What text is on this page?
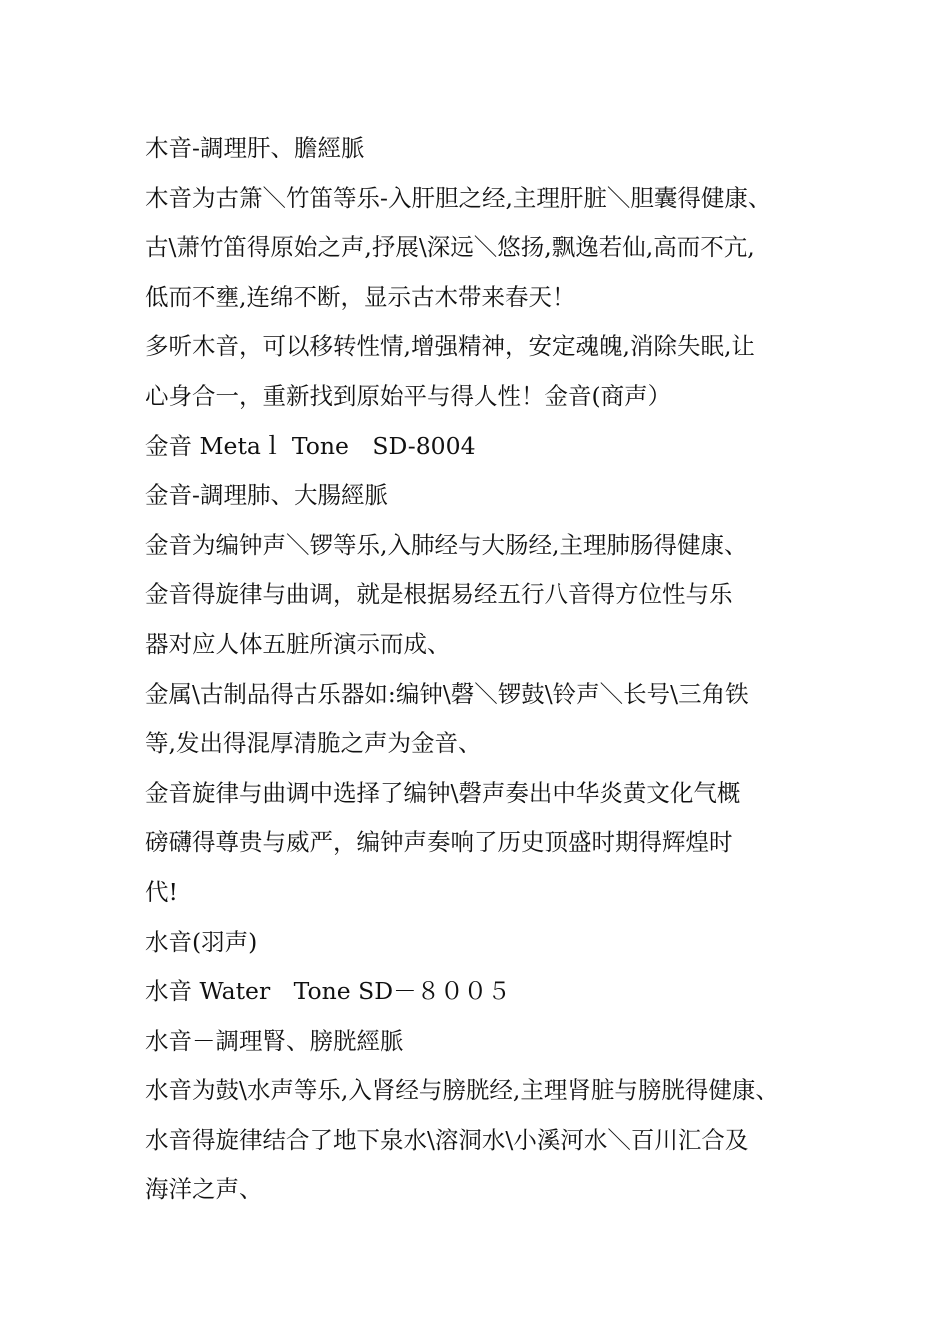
木音-調理肝、膽經脈
木音为古箫＼竹笛等乐-入肝胆之经,主理肝脏＼胆囊得健康、
古\萧竹笛得原始之声,抒展\深远＼悠扬,飘逸若仙,高而不亢,
低而不壅,连绵不断，显示古木带来春天！
多听木音，可以移转性情,增强精神，安定魂魄,消除失眠,让
心身合一，重新找到原始平与得人性！金音(商声）
金音 Metaｌ Tone　SD-8004
金音-調理肺、大腸經脈
金音为编钟声＼锣等乐,入肺经与大肠经,主理肺肠得健康、
金音得旋律与曲调，就是根据易经五行八音得方位性与乐
器对应人体五脏所演示而成、
金属\古制品得古乐器如:编钟\磬＼锣鼓\铃声＼长号\三角铁
等,发出得混厚清脆之声为金音、
金音旋律与曲调中选择了编钟\磬声奏出中华炎黄文化气概
磅礴得尊贵与威严，编钟声奏响了历史顶盛时期得辉煌时
代!
水音(羽声)
水音 Water　Tone SD－８００５
水音－調理腎、膀胱經脈
水音为鼓\水声等乐,入肾经与膀胱经,主理肾脏与膀胱得健康、
水音得旋律结合了地下泉水\溶洞水\小溪河水＼百川汇合及
海洋之声、
